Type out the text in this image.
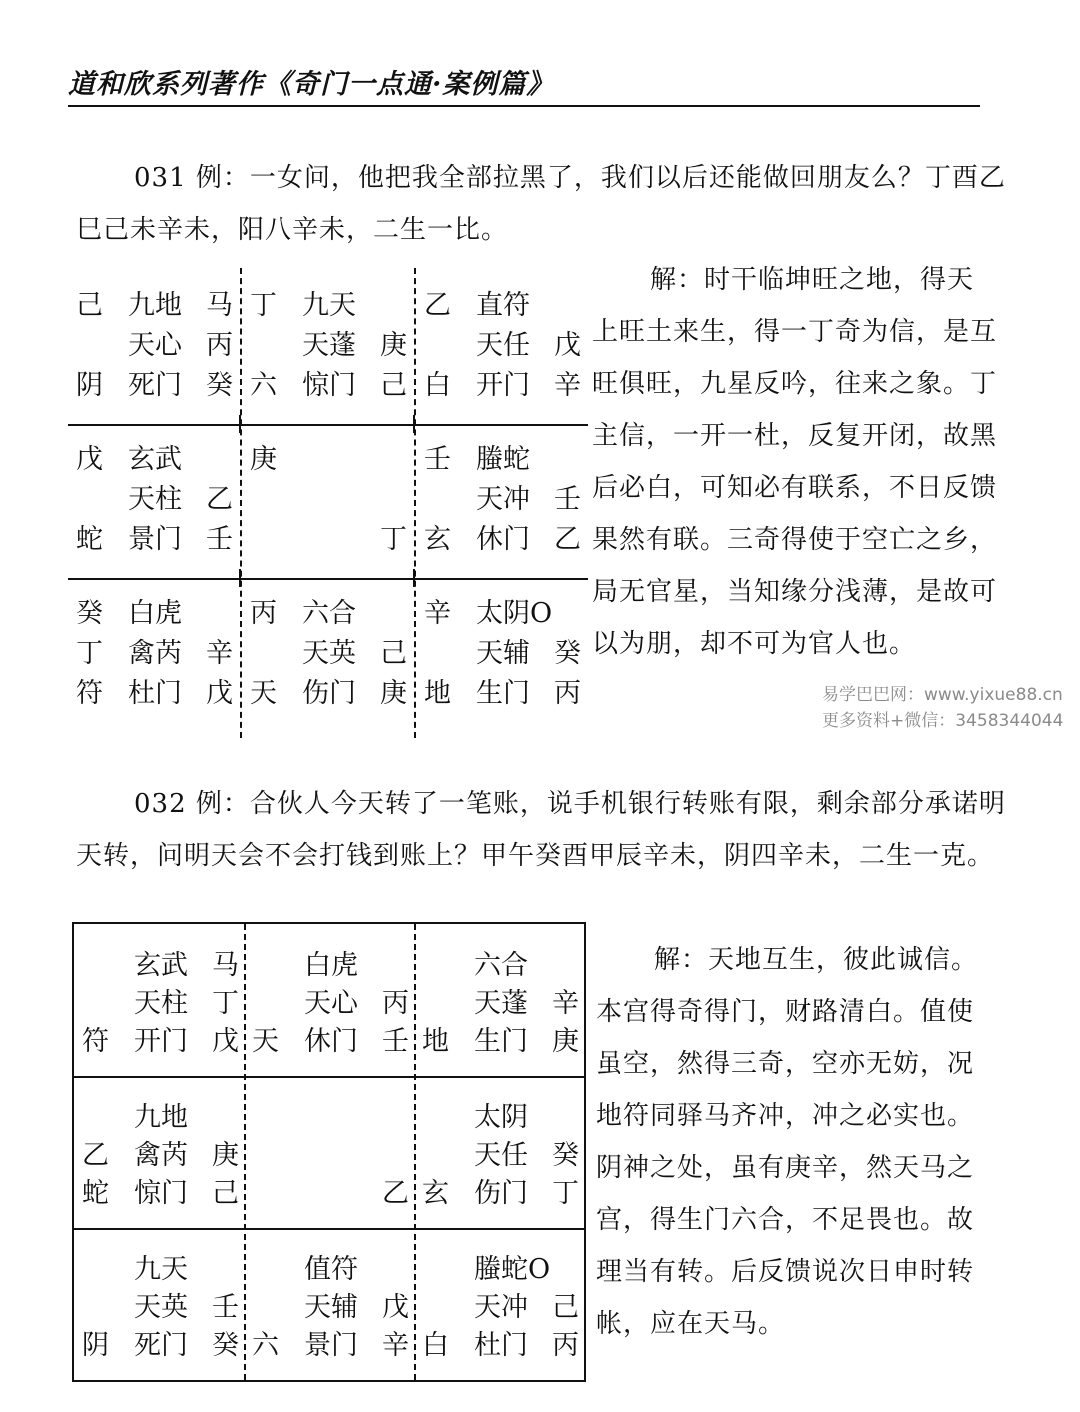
道和欣系列著作《奇门一点通·案例篇》
031 例：一女问，他把我全部拉黑了，我们以后还能做回朋友么？丁酉乙
巳己未辛未，阳八辛未，二生一比。
己 九地 马
天心 丙
阴 死门 癸
丁 九天
天蓬 庚
六 惊门 己
乙 直符
天任 戊
白 开门 辛
戊 玄武
天柱 乙
蛇 景门 壬
庚
丁
壬 螣蛇
天冲 壬
玄 休门 乙
癸 白虎
丁 禽芮 辛
符 杜门 戊
丙 六合
天英 己
天 伤门 庚
辛 太阴O
天辅 癸
地 生门 丙
解：时干临坤旺之地，得天
上旺土来生，得一丁奇为信，是互
旺俱旺，九星反吟，往来之象。丁
主信，一开一杜，反复开闭，故黑
后必白，可知必有联系，不日反馈
果然有联。三奇得使于空亡之乡，
局无官星，当知缘分浅薄，是故可
以为朋，却不可为官人也。
易学巴巴网：www.yixue88.cn
更多资料+微信：3458344044
032 例：合伙人今天转了一笔账，说手机银行转账有限，剩余部分承诺明
天转，问明天会不会打钱到账上？甲午癸酉甲辰辛未，阴四辛未，二生一克。
玄武 马
天柱 丁
符 开门 戊
白虎
天心 丙
天 休门 壬
六合
天蓬 辛
地 生门 庚
九地
乙 禽芮 庚
蛇 惊门 己	乙
太阴
天任 癸
玄 伤门 丁
九天
天英 壬
阴 死门 癸
值符
天辅 戊
六 景门 辛
螣蛇O
天冲 己
白 杜门 丙
解：天地互生，彼此诚信。
本宫得奇得门，财路清白。值使
虽空，然得三奇，空亦无妨，况
地符同驿马齐冲，冲之必实也。
阴神之处，虽有庚辛，然天马之
宫，得生门六合，不足畏也。故
理当有转。后反馈说次日申时转
帐，应在天马。
